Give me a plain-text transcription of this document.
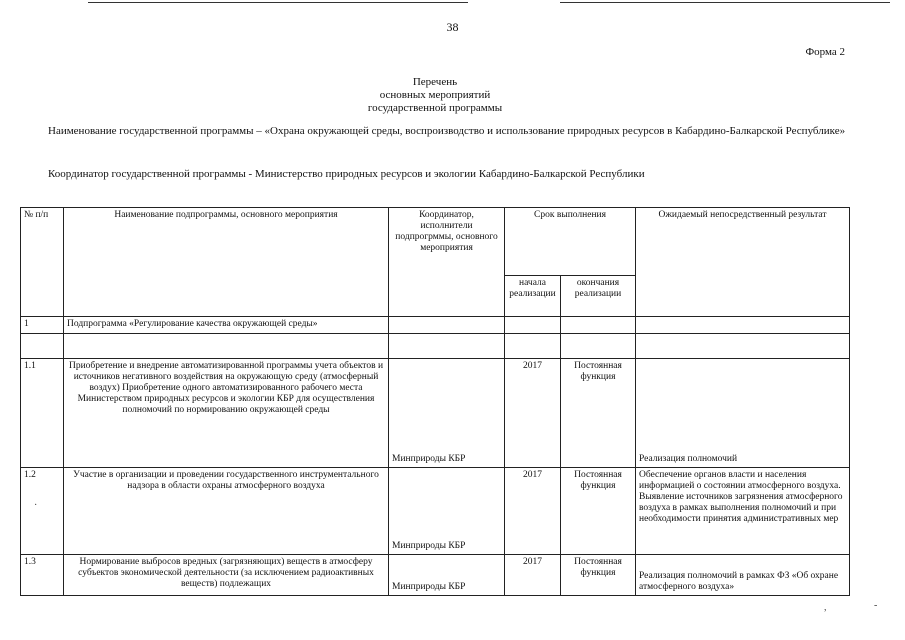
38
Форма 2
Перечень
основных мероприятий
государственной программы
Наименование государственной программы – «Охрана окружающей среды, воспроизводство и использование природных ресурсов в Кабардино-Балкарской Республике»
Координатор государственной программы - Министерство природных ресурсов и экологии Кабардино-Балкарской Республики
№ п/п	Наименование подпрограммы, основного мероприятия	Координатор, исполнители подпрогрммы, основного мероприятия	Срок выполнения		Ожидаемый непосредственный результат
			начала реализации	окончания реализации	
1	Подпрограмма «Регулирование качества окружающей среды»				

1.1	Приобретение и внедрение автоматизированной программы учета объектов и источников негативного воздействия на окружающую среду (атмосферный воздух) Приобретение одного автоматизированного рабочего места Министерством природных ресурсов и экологии КБР для осуществления полномочий по нормированию окружающей среды	Минприроды КБР	2017	Постоянная функция	Реализация полномочий

1.2	Участие в организации и проведении государственного инструментального надзора в области охраны атмосферного воздуха	Минприроды КБР	2017	Постоянная функция	Обеспечение органов власти и населения информацией о состоянии атмосферного воздуха. Выявление источников загрязнения атмосферного воздуха в рамках выполнения полномочий и при необходимости принятия административных мер
1.3	Нормирование выбросов вредных (загрязняющих) веществ в атмосферу субъектов экономической деятельности (за исключением радиоактивных веществ) подлежащих	Минприроды КБР	2017	Постоянная функция	Реализация полномочий в рамках ФЗ «Об охране атмосферного воздуха»
·
,	-
